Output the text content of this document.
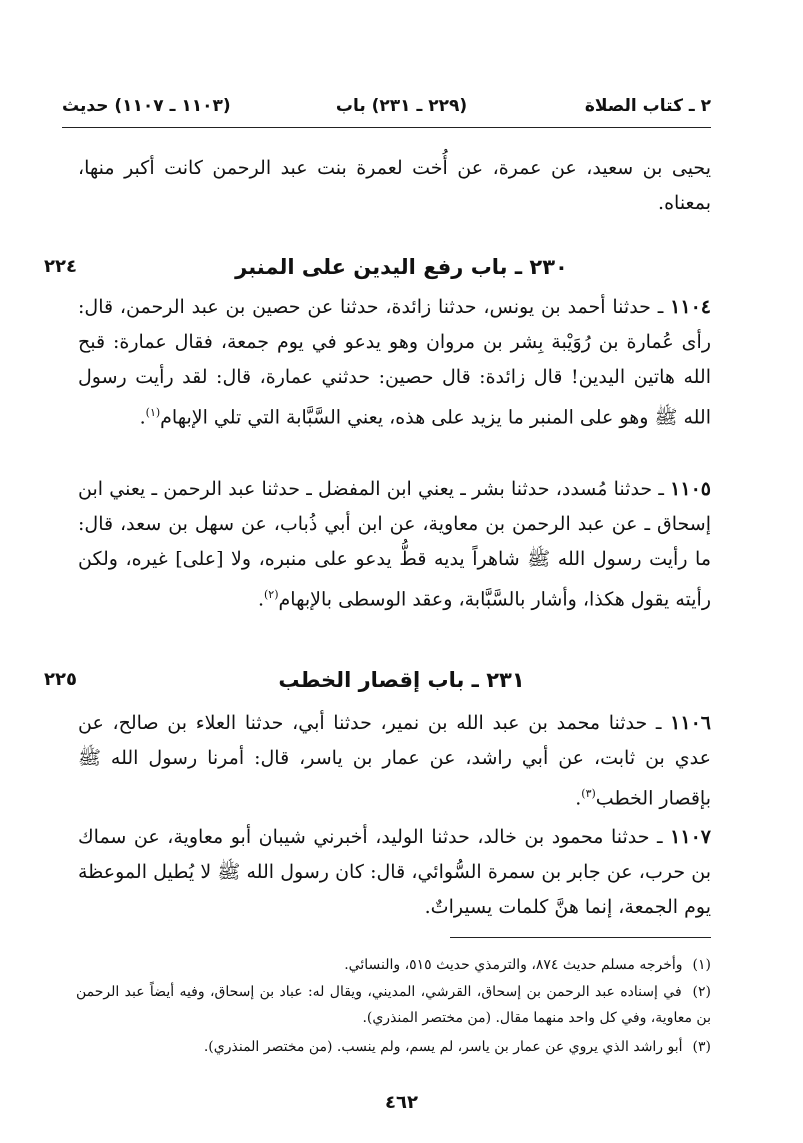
٢ ـ كتاب الصلاة
(٢٢٩ ـ ٢٣١) باب
(١١٠٣ ـ ١١٠٧) حديث
يحيى بن سعيد، عن عمرة، عن أُخت لعمرة بنت عبد الرحمن كانت أكبر منها، بمعناه.
٢٢٤	٢٣٠ ـ باب رفع اليدين على المنبر
١١٠٤ ـ حدثنا أحمد بن يونس، حدثنا زائدة، حدثنا عن حصين بن عبد الرحمن، قال: رأى عُمارة بن رُوَيْبة بِشر بن مروان وهو يدعو في يوم جمعة، فقال عمارة: قبح الله هاتين اليدين! قال زائدة: قال حصين: حدثني عمارة، قال: لقد رأيت رسول الله ﷺ وهو على المنبر ما يزيد على هذه، يعني السَّبَّابة التي تلي الإبهام$^{(١)}$.
١١٠٥ ـ حدثنا مُسدد، حدثنا بشر ـ يعني ابن المفضل ـ حدثنا عبد الرحمن ـ يعني ابن إسحاق ـ عن عبد الرحمن بن معاوية، عن ابن أبي ذُباب، عن سهل بن سعد، قال: ما رأيت رسول الله ﷺ شاهراً يديه قطُّ يدعو على منبره، ولا [على] غيره، ولكن رأيته يقول هكذا، وأشار بالسَّبَّابة، وعقد الوسطى بالإبهام$^{(٢)}$.
٢٢٥	٢٣١ ـ باب إقصار الخطب
١١٠٦ ـ حدثنا محمد بن عبد الله بن نمير، حدثنا أبي، حدثنا العلاء بن صالح، عن عدي بن ثابت، عن أبي راشد، عن عمار بن ياسر، قال: أمرنا رسول الله ﷺ بإقصار الخطب$^{(٣)}$.
١١٠٧ ـ حدثنا محمود بن خالد، حدثنا الوليد، أخبرني شيبان أبو معاوية، عن سماك بن حرب، عن جابر بن سمرة السُّوائي، قال: كان رسول الله ﷺ لا يُطيل الموعظة يوم الجمعة، إنما هنَّ كلمات يسيراتٌ.
(١) وأخرجه مسلم حديث ٨٧٤، والترمذي حديث ٥١٥، والنسائي.
(٢) في إسناده عبد الرحمن بن إسحاق، القرشي، المديني، ويقال له: عباد بن إسحاق، وفيه أيضاً عبد الرحمن بن معاوية، وفي كل واحد منهما مقال. (من مختصر المنذري).
(٣) أبو راشد الذي يروي عن عمار بن ياسر، لم يسم، ولم ينسب. (من مختصر المنذري).
٤٦٢
